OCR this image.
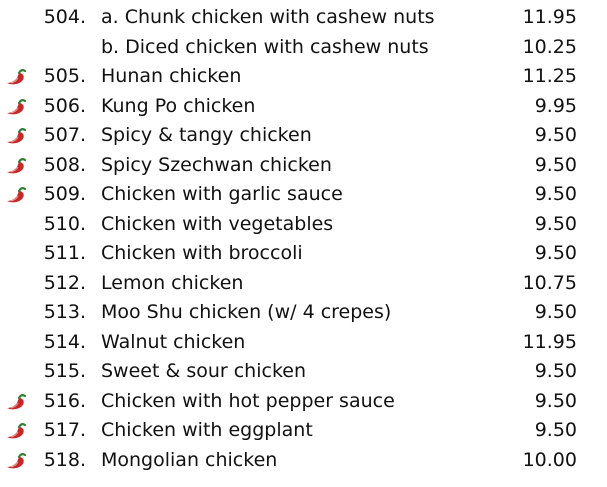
504. a. Chunk chicken with cashew nuts	11.95
b. Diced chicken with cashew nuts	10.25
505. Hunan chicken	11.25
506. Kung Po chicken	9.95
507. Spicy & tangy chicken	9.50
508. Spicy Szechwan chicken	9.50
509. Chicken with garlic sauce	9.50
510. Chicken with vegetables	9.50
511. Chicken with broccoli	9.50
512. Lemon chicken	10.75
513. Moo Shu chicken (w/ 4 crepes)	9.50
514. Walnut chicken	11.95
515. Sweet & sour chicken	9.50
516. Chicken with hot pepper sauce	9.50
517. Chicken with eggplant	9.50
518. Mongolian chicken	10.00
